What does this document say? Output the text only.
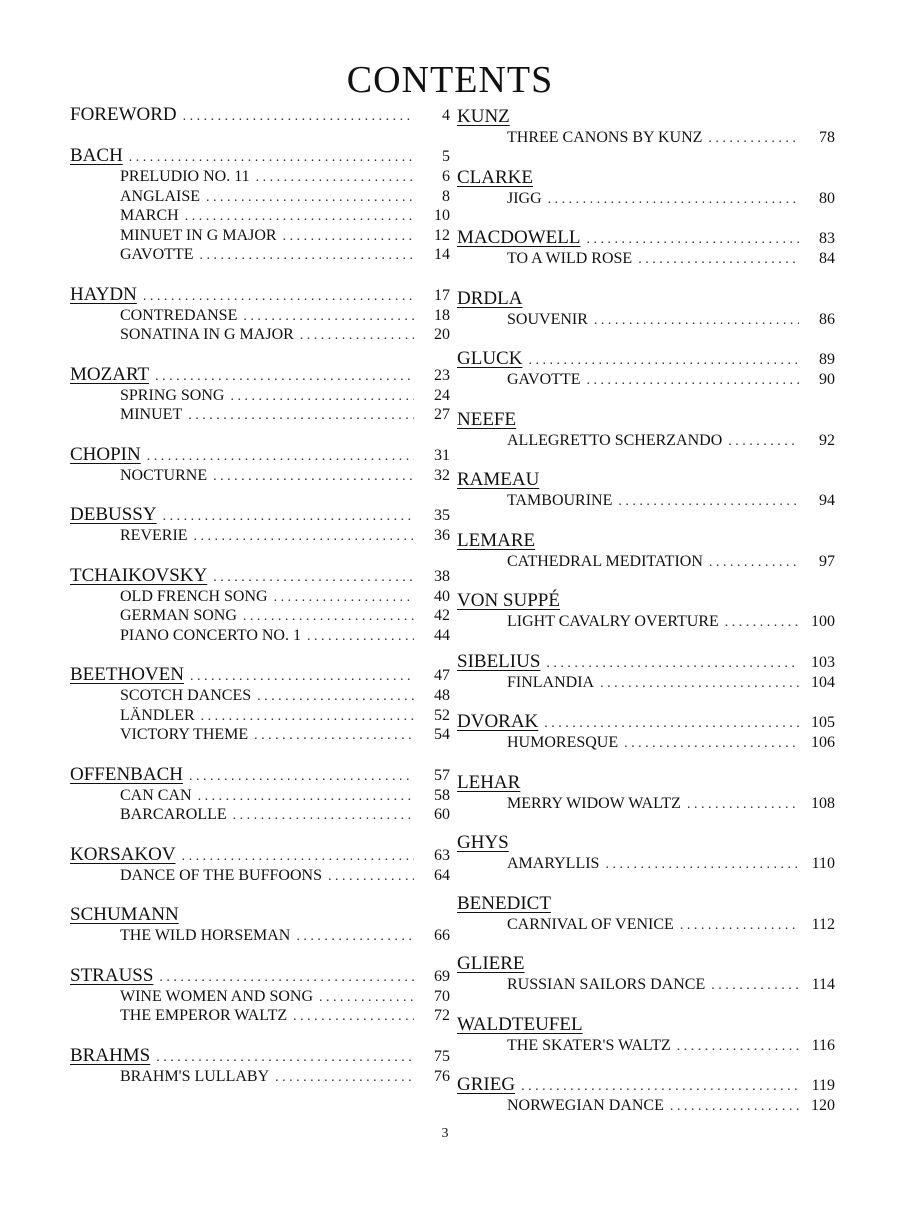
CONTENTS
FOREWORD . . .	4
BACH . . .	5
PRELUDIO NO. 11 . . .	6
ANGLAISE . . .	8
MARCH . . .	10
MINUET IN G MAJOR . . .	12
GAVOTTE . . .	14
HAYDN . . .	17
CONTREDANSE . . .	18
SONATINA IN G MAJOR . . .	20
MOZART . . .	23
SPRING SONG . . .	24
MINUET . . .	27
CHOPIN . . .	31
NOCTURNE . . .	32
DEBUSSY . . .	35
REVERIE . . .	36
TCHAIKOVSKY . . .	38
OLD FRENCH SONG . . .	40
GERMAN SONG . . .	42
PIANO CONCERTO NO. 1 . . .	44
BEETHOVEN . . .	47
SCOTCH DANCES . . .	48
LÄNDLER . . .	52
VICTORY THEME . . .	54
OFFENBACH . . .	57
CAN CAN . . .	58
BARCAROLLE . . .	60
KORSAKOV . . .	63
DANCE OF THE BUFFOONS . . .	64
SCHUMANN
THE WILD HORSEMAN . . .	66
STRAUSS . . .	69
WINE WOMEN AND SONG . . .	70
THE EMPEROR WALTZ . . .	72
BRAHMS . . .	75
BRAHM'S LULLABY . . .	76
KUNZ
THREE CANONS BY KUNZ . . .	78
CLARKE
JIGG . . .	80
MACDOWELL . . .	83
TO A WILD ROSE . . .	84
DRDLA
SOUVENIR . . .	86
GLUCK . . .	89
GAVOTTE . . .	90
NEEFE
ALLEGRETTO SCHERZANDO . . .	92
RAMEAU
TAMBOURINE . . .	94
LEMARE
CATHEDRAL MEDITATION . . .	97
VON SUPPÉ
LIGHT CAVALRY OVERTURE . . .	100
SIBELIUS . . .	103
FINLANDIA . . .	104
DVORAK . . .	105
HUMORESQUE . . .	106
LEHAR
MERRY WIDOW WALTZ . . .	108
GHYS
AMARYLLIS . . .	110
BENEDICT
CARNIVAL OF VENICE . . .	112
GLIERE
RUSSIAN SAILORS DANCE . . .	114
WALDTEUFEL
THE SKATER'S WALTZ . . .	116
GRIEG . . .	119
NORWEGIAN DANCE . . .	120
3
